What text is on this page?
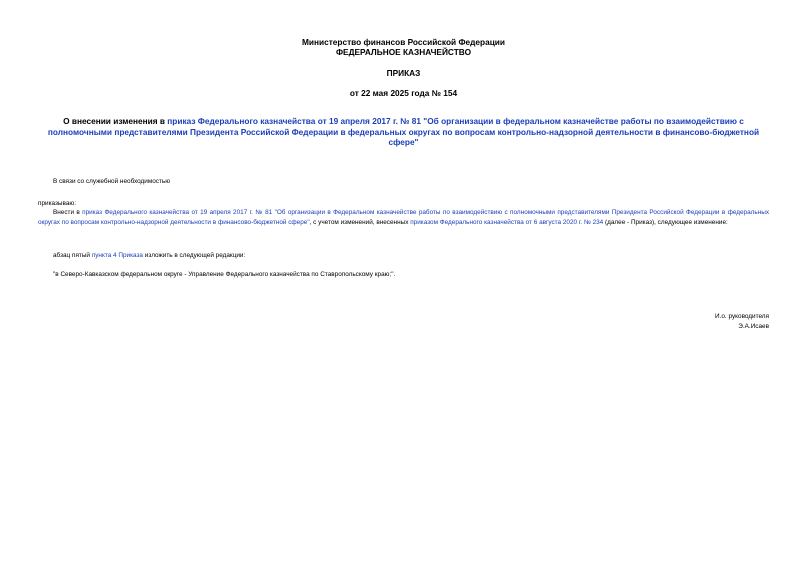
Министерство финансов Российской Федерации
ФЕДЕРАЛЬНОЕ КАЗНАЧЕЙСТВО
ПРИКАЗ
от 22 мая 2025 года № 154
О внесении изменения в приказ Федерального казначейства от 19 апреля 2017 г. № 81 "Об организации в федеральном казначействе работы по взаимодействию с полномочными представителями Президента Российской Федерации в федеральных округах по вопросам контрольно-надзорной деятельности в финансово-бюджетной сфере"
В связи со служебной необходимостью
приказываю:
Внести в приказ Федерального казначейства от 19 апреля 2017 г. № 81 "Об организации в Федеральном казначействе работы по взаимодействию с полномочными представителями Президента Российской Федерации в федеральных округах по вопросам контрольно-надзорной деятельности в финансово-бюджетной сфере", с учетом изменений, внесенных приказом Федерального казначейства от 6 августа 2020 г. № 234 (далее - Приказ), следующее изменение:
абзац пятый пункта 4 Приказа изложить в следующей редакции:
"в Северо-Кавказском федеральном округе - Управление Федерального казначейства по Ставропольскому краю;".
И.о. руководителя
Э.А.Исаев
